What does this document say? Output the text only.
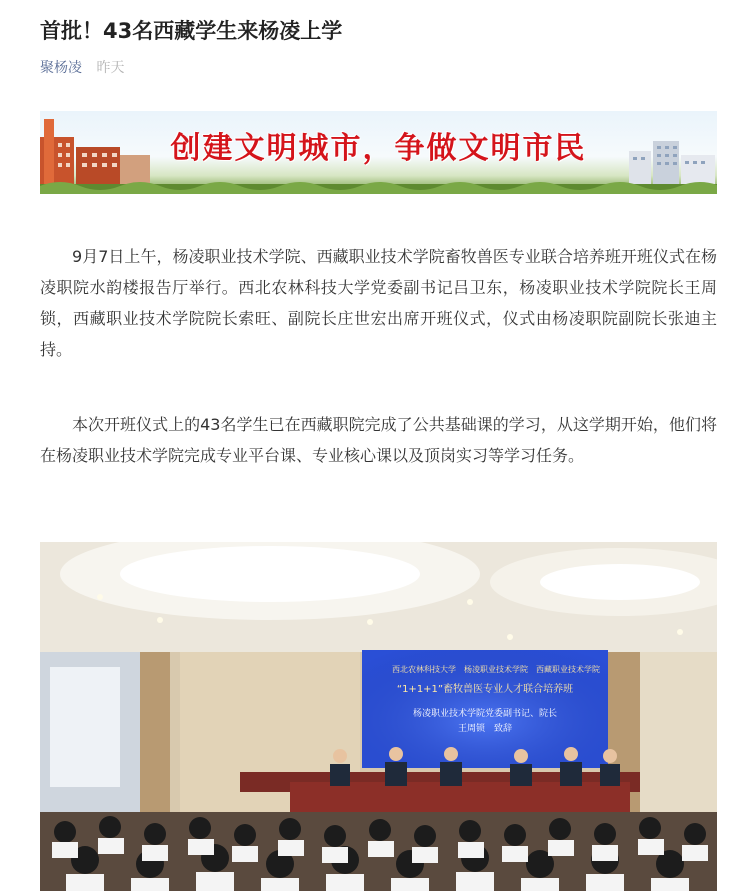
首批！43名西藏学生来杨凌上学
聚杨凌 昨天
创建文明城市，争做文明市民

9月7日上午，杨凌职业技术学院、西藏职业技术学院畜牧兽医专业联合培养班开班仪式在杨凌职院水韵楼报告厅举行。西北农林科技大学党委副书记吕卫东，杨凌职业技术学院院长王周锁，西藏职业技术学院院长索旺、副院长庄世宏出席开班仪式，仪式由杨凌职院副院长张迪主持。

本次开班仪式上的43名学生已在西藏职院完成了公共基础课的学习，从这学期开始，他们将在杨凌职业技术学院完成专业平台课、专业核心课以及顶岗实习等学习任务。

西北农林科技大学　杨凌职业技术学院　西藏职业技术学院
“1+1+1”畜牧兽医专业人才联合培养班
杨凌职业技术学院党委副书记、院长
王周锁　致辞
